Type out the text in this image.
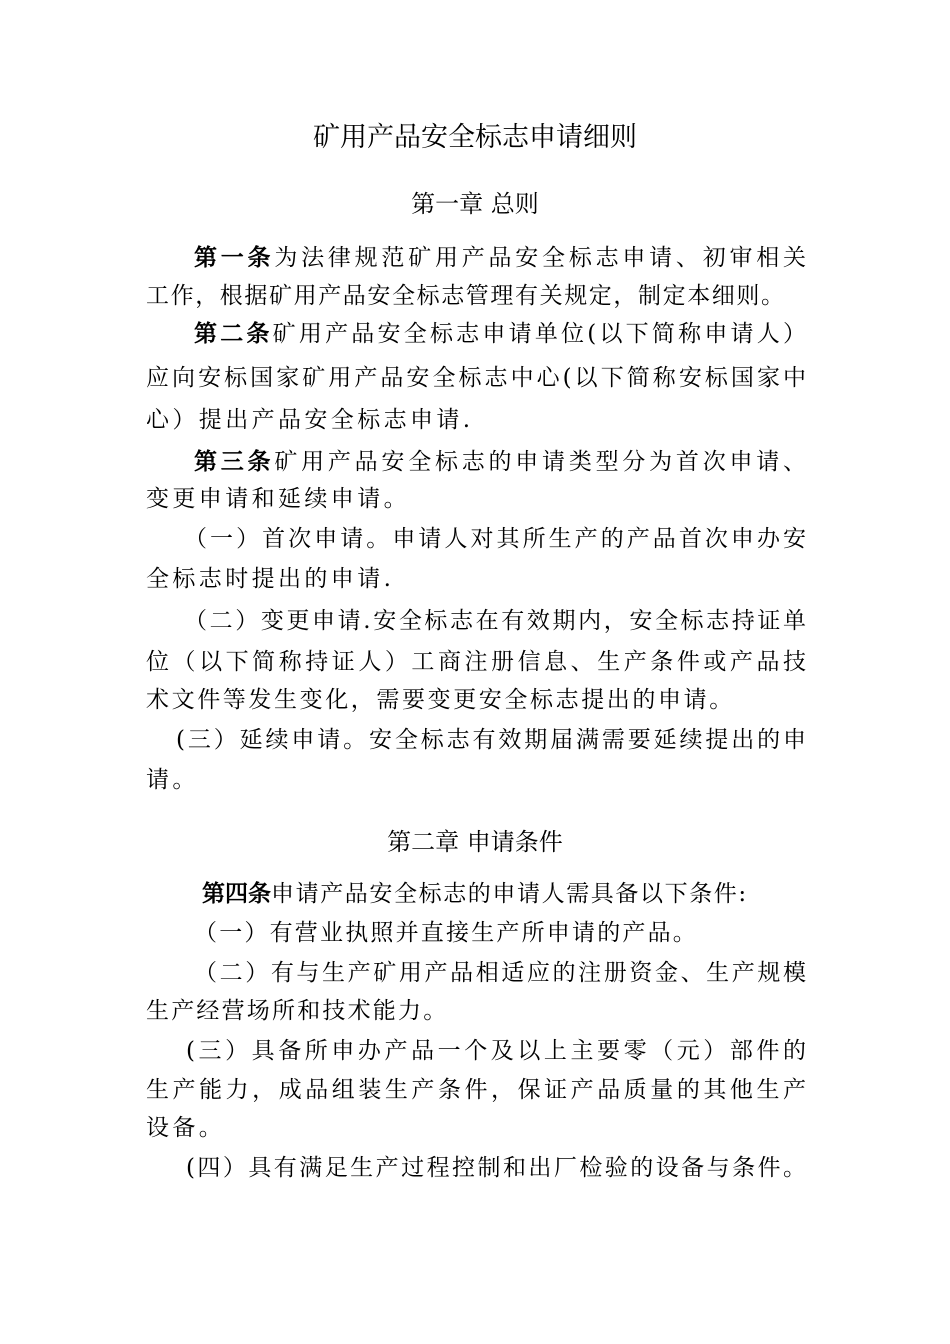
矿用产品安全标志申请细则
第一章 总则
第一条为法律规范矿用产品安全标志申请、初审相关
工作，根据矿用产品安全标志管理有关规定，制定本细则。
第二条矿用产品安全标志申请单位(以下简称申请人）
应向安标国家矿用产品安全标志中心(以下简称安标国家中
心）提出产品安全标志申请.
第三条矿用产品安全标志的申请类型分为首次申请、
变更申请和延续申请。
（一）首次申请。申请人对其所生产的产品首次申办安
全标志时提出的申请.
（二）变更申请.安全标志在有效期内，安全标志持证单
位（以下简称持证人）工商注册信息、生产条件或产品技
术文件等发生变化，需要变更安全标志提出的申请。
(三）延续申请。安全标志有效期届满需要延续提出的申
请。
第二章 申请条件
第四条申请产品安全标志的申请人需具备以下条件:
（一）有营业执照并直接生产所申请的产品。
（二）有与生产矿用产品相适应的注册资金、生产规模
生产经营场所和技术能力。
(三）具备所申办产品一个及以上主要零（元）部件的
生产能力，成品组装生产条件，保证产品质量的其他生产
设备。
(四）具有满足生产过程控制和出厂检验的设备与条件。
